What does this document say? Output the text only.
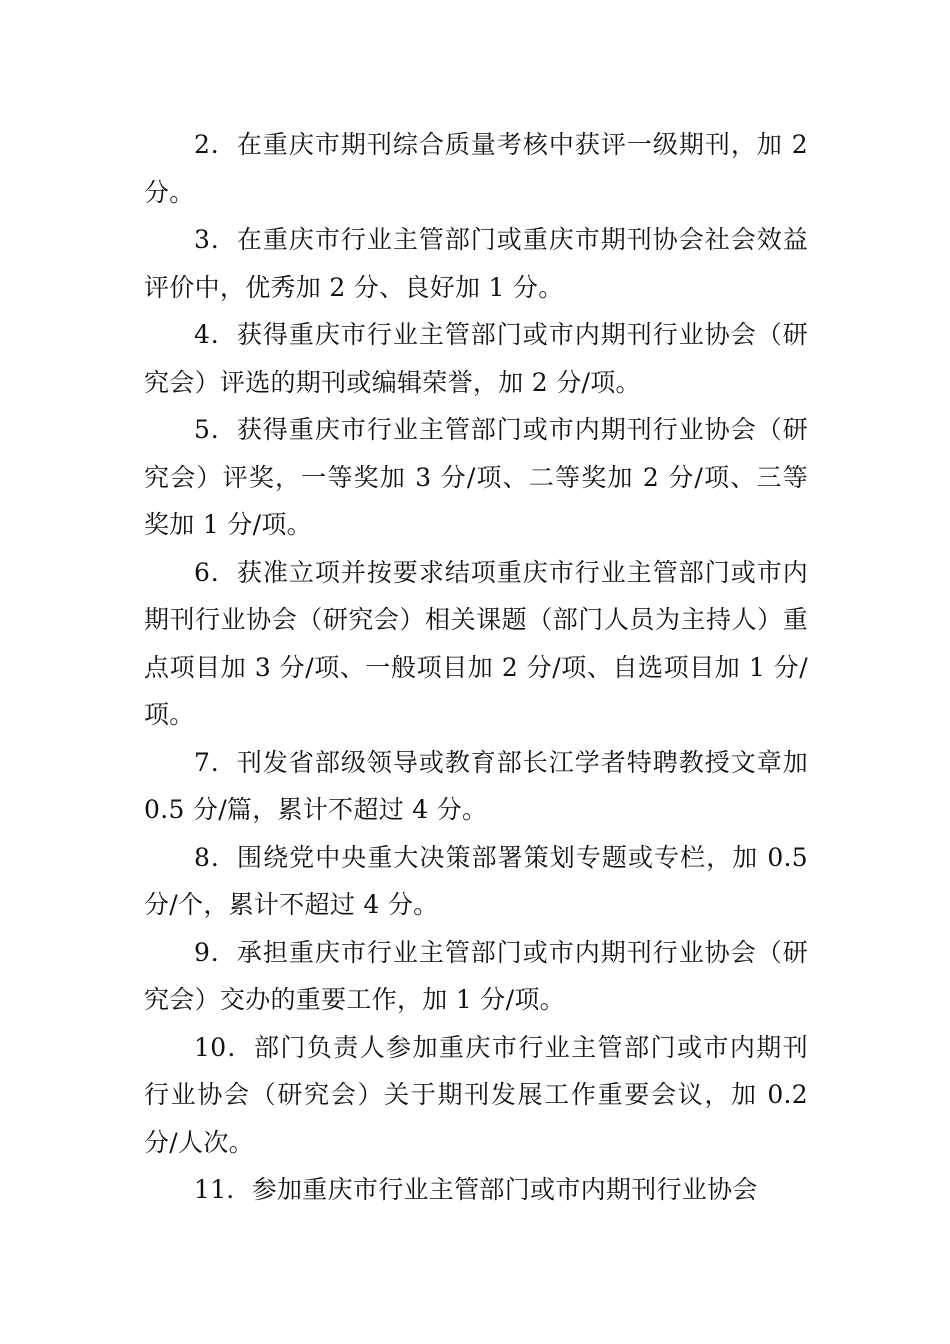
2．在重庆市期刊综合质量考核中获评一级期刊，加 2 分。

3．在重庆市行业主管部门或重庆市期刊协会社会效益评价中，优秀加 2 分、良好加 1 分。

4．获得重庆市行业主管部门或市内期刊行业协会（研究会）评选的期刊或编辑荣誉，加 2 分/项。

5．获得重庆市行业主管部门或市内期刊行业协会（研究会）评奖，一等奖加 3 分/项、二等奖加 2 分/项、三等奖加 1 分/项。

6．获准立项并按要求结项重庆市行业主管部门或市内期刊行业协会（研究会）相关课题（部门人员为主持人）重点项目加 3 分/项、一般项目加 2 分/项、自选项目加 1 分/项。

7．刊发省部级领导或教育部长江学者特聘教授文章加 0.5 分/篇，累计不超过 4 分。

8．围绕党中央重大决策部署策划专题或专栏，加 0.5 分/个，累计不超过 4 分。

9．承担重庆市行业主管部门或市内期刊行业协会（研究会）交办的重要工作，加 1 分/项。

10．部门负责人参加重庆市行业主管部门或市内期刊行业协会（研究会）关于期刊发展工作重要会议，加 0.2 分/人次。

11．参加重庆市行业主管部门或市内期刊行业协会
